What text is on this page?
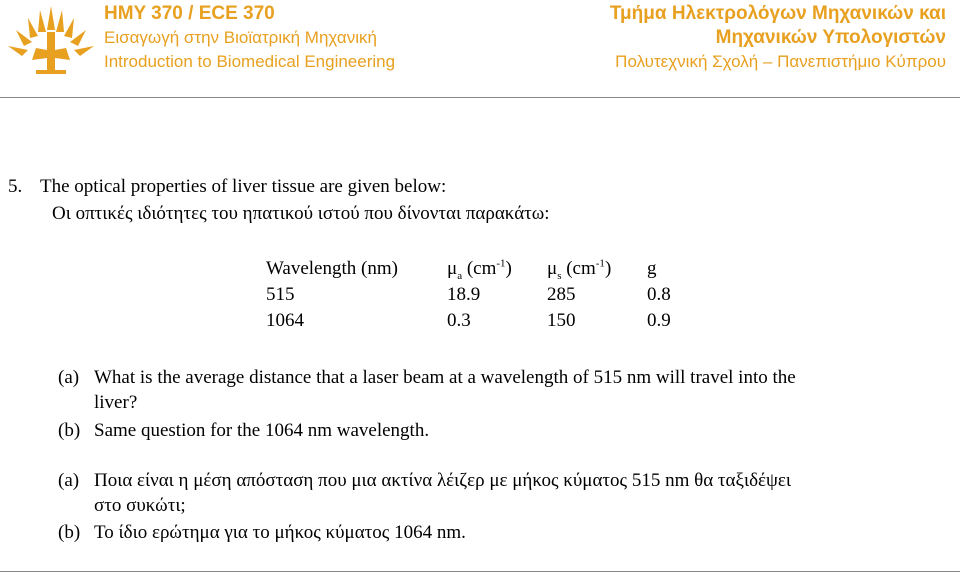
HMY 370 / ECE 370
Εισαγωγή στην Βιοϊατρική Μηχανική
Introduction to Biomedical Engineering
Τμήμα Ηλεκτρολόγων Μηχανικών και
Μηχανικών Υπολογιστών
Πολυτεχνική Σχολή – Πανεπιστήμιο Κύπρου
5. The optical properties of liver tissue are given below:
Οι οπτικές ιδιότητες του ηπατικού ιστού που δίνονται παρακάτω:
Wavelength (nm)	$\mu_a$ $(cm^{-1})$	$\mu_s$ $(cm^{-1})$	g
515	18.9	285	0.8
1064	0.3	150	0.9
(a) What is the average distance that a laser beam at a wavelength of 515 nm will travel into the
liver?
(b) Same question for the 1064 nm wavelength.
(a) Ποια είναι η μέση απόσταση που μια ακτίνα λέιζερ με μήκος κύματος 515 nm θα ταξιδέψει
στο συκώτι;
(b) Το ίδιο ερώτημα για το μήκος κύματος 1064 nm.
